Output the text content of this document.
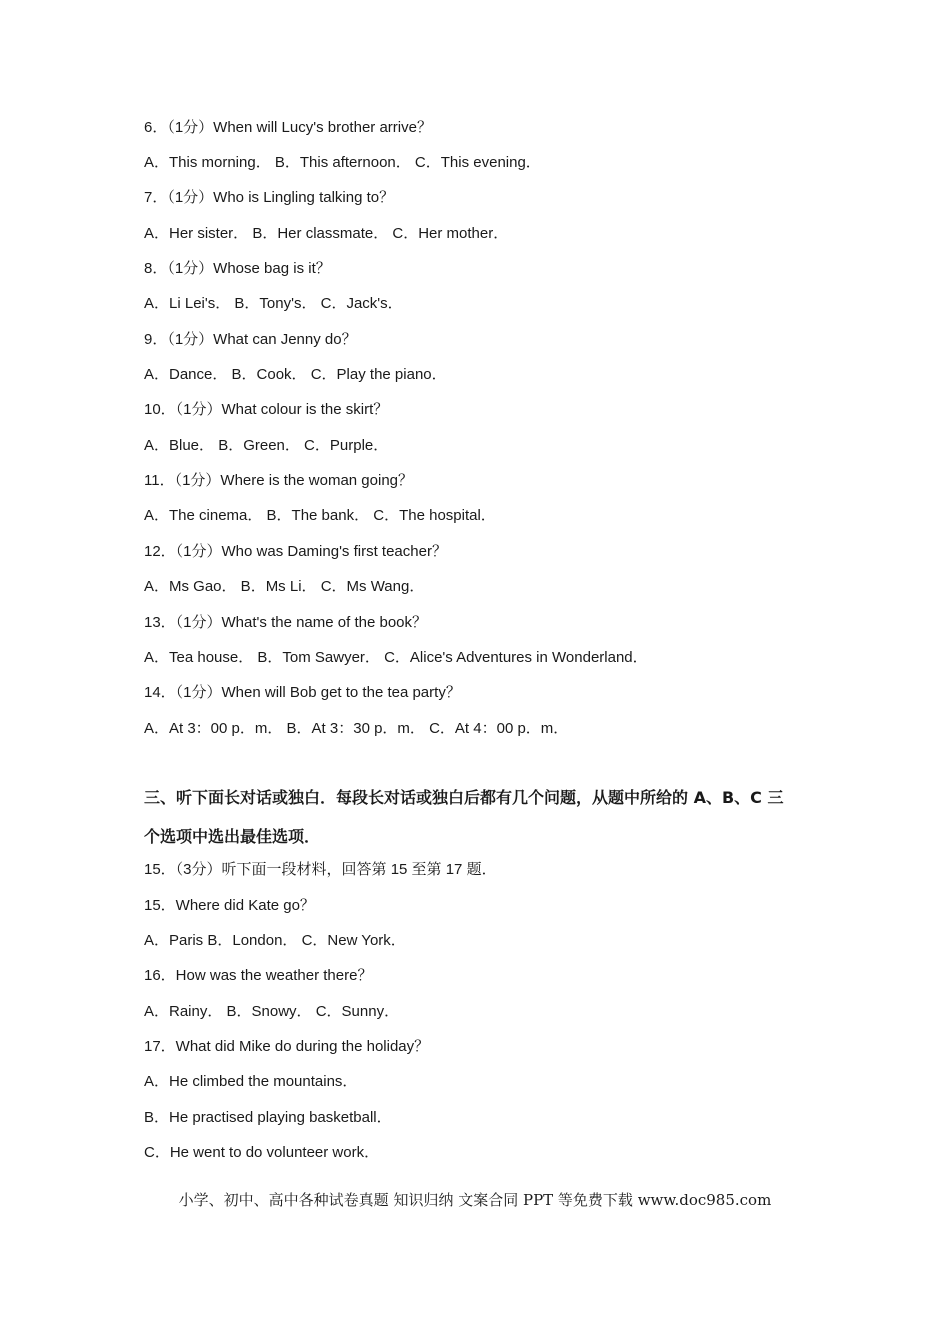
6．（1分）When will Lucy's brother arrive？
A．This morning． B．This afternoon． C．This evening．
7．（1分）Who is Lingling talking to？
A．Her sister． B．Her classmate． C．Her mother．
8．（1分）Whose bag is it？
A．Li Lei's． B．Tony's． C．Jack's．
9．（1分）What can Jenny do？
A．Dance． B．Cook． C．Play the piano．
10．（1分）What colour is the skirt？
A．Blue． B．Green． C．Purple．
11．（1分）Where is the woman going？
A．The cinema． B．The bank． C．The hospital．
12．（1分）Who was Daming's first teacher？
A．Ms Gao． B．Ms Li． C．Ms Wang．
13．（1分）What's the name of the book？
A．Tea house． B．Tom Sawyer． C．Alice's Adventures in Wonderland．
14．（1分）When will Bob get to the tea party？
A．At 3：00 p．m． B．At 3：30 p．m． C．At 4：00 p．m．
三、听下面长对话或独白．每段长对话或独白后都有几个问题，从题中所给的 A、B、C 三
个选项中选出最佳选项．
15．（3分）听下面一段材料，回答第 15 至第 17 题．
15．Where did Kate go？
A．Paris B．London． C．New York．
16．How was the weather there？
A．Rainy． B．Snowy． C．Sunny．
17．What did Mike do during the holiday？
A．He climbed the mountains．
B．He practised playing basketball．
C．He went to do volunteer work．
小学、初中、高中各种试卷真题 知识归纳 文案合同 PPT 等免费下载 www.doc985.com
